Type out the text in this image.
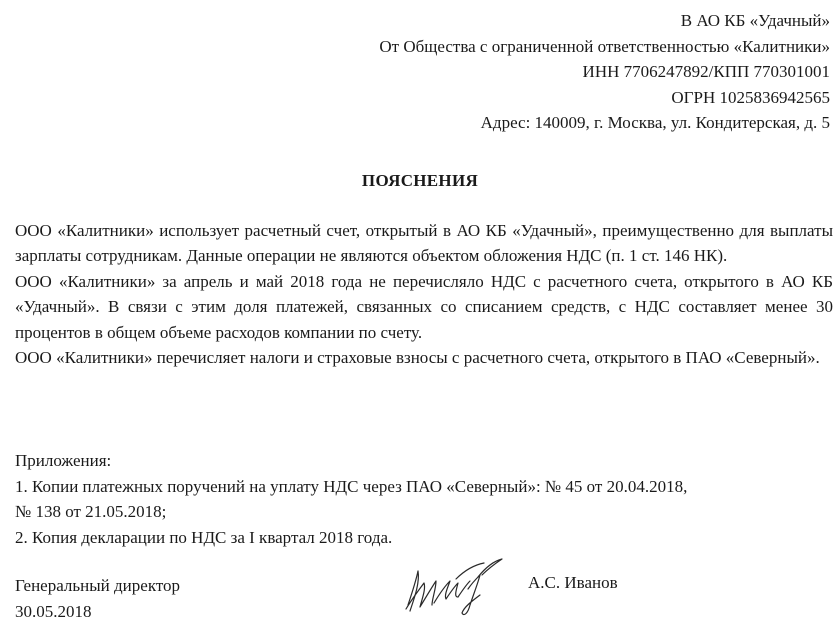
В АО КБ «Удачный»
От Общества с ограниченной ответственностью «Калитники»
ИНН 7706247892/КПП 770301001
ОГРН 1025836942565
Адрес: 140009, г. Москва, ул. Кондитерская, д. 5
ПОЯСНЕНИЯ

ООО «Калитники» использует расчетный счет, открытый в АО КБ «Удачный», преимущественно для выплаты зарплаты сотрудникам. Данные операции не являются объектом обложения НДС (п. 1 ст. 146 НК).

ООО «Калитники» за апрель и май 2018 года не перечисляло НДС с расчетного счета, открытого в АО КБ «Удачный». В связи с этим доля платежей, связанных со списанием средств, с НДС составляет менее 30 процентов в общем объеме расходов компании по счету.

ООО «Калитники» перечисляет налоги и страховые взносы с расчетного счета, открытого в ПАО «Северный».

Приложения:
1. Копии платежных поручений на уплату НДС через ПАО «Северный»: № 45 от 20.04.2018,
№ 138 от 21.05.2018;
2. Копия декларации по НДС за I квартал 2018 года.
Генеральный директор
30.05.2018
А.С. Иванов
